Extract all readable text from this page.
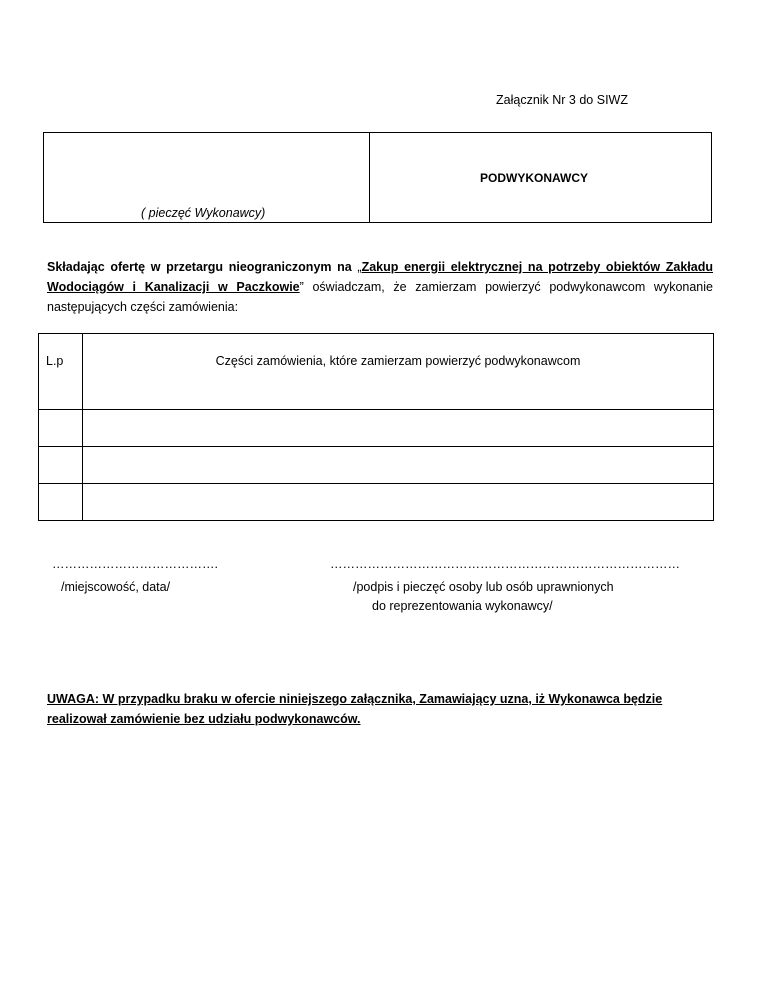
Załącznik Nr 3 do SIWZ
( pieczęć Wykonawcy)
PODWYKONAWCY
Składając ofertę w przetargu nieograniczonym na „Zakup energii elektrycznej na potrzeby obiektów Zakładu Wodociągów i Kanalizacji w Paczkowie” oświadczam, że zamierzam powierzyć podwykonawcom wykonanie następujących części zamówienia:
L.p	Części zamówienia, które zamierzam powierzyć podwykonawcom

………………………………….
/miejscowość, data/
…………………………………………………………………………
/podpis i pieczęć osoby lub osób uprawnionych
do reprezentowania wykonawcy/
UWAGA: W przypadku braku w ofercie niniejszego załącznika, Zamawiający uzna, iż Wykonawca będzie realizował zamówienie bez udziału podwykonawców.
